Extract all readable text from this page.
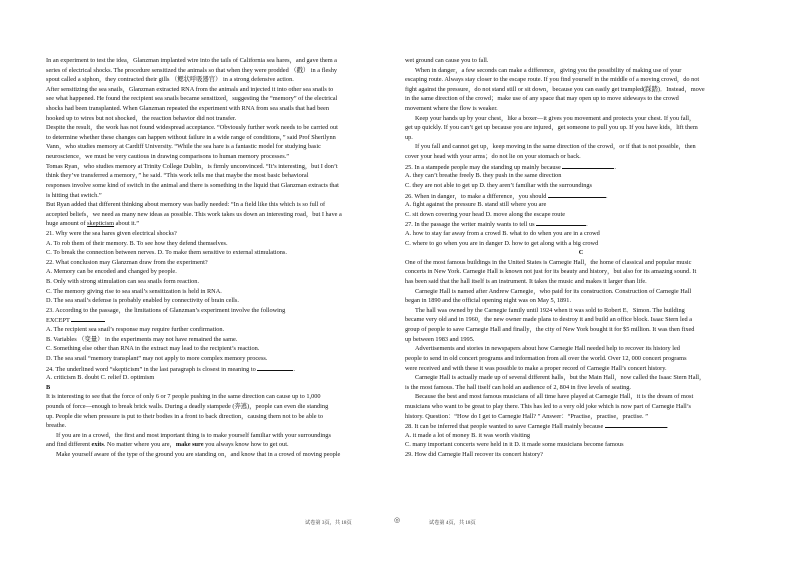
In an experiment to test the idea，Glanzman implanted wire into the tails of California sea hares，and gave them a
series of electrical shocks. The procedure sensitized the animals so that when they were prodded （戳） in a fleshy
spout called a siphon，they contracted their gills （鳃状呼吸器官） in a strong defensive action.
After sensitizing the sea snails，Glanzman extracted RNA from the animals and injected it into other sea snails to
see what happened. He found the recipient sea snails became sensitized，suggesting the “memory” of the electrical
shocks had been transplanted. When Glanzman repeated the experiment with RNA from sea snails that had been
hooked up to wires but not shocked，the reaction behavior did not transfer.
Despite the result，the work has not found widespread acceptance. “Obviously further work needs to be carried out
to determine whether these changes can happen without failure in a wide range of conditions，” said Prof Sherilynn
Vann，who studies memory at Cardiff University. “While the sea hare is a fantastic model for studying basic
neuroscience，we must be very cautious in drawing comparisons to human memory processes.”
Tomas Ryan，who studies memory at Trinity College Dublin，is firmly unconvinced. “It’s interesting，but I don’t
think they’ve transferred a memory，” he said. “This work tells me that maybe the most basic behavioral
responses involve some kind of switch in the animal and there is something in the liquid that Glanzman extracts that
is hitting that switch.”
But Ryan added that different thinking about memory was badly needed: “In a field like this which is so full of
accepted beliefs，we need as many new ideas as possible. This work takes us down an interesting road，but I have a
huge amount of skepticism about it.”
21. Why were the sea hares given electrical shocks?
A. To rob them of their memory. B. To see how they defend themselves.
C. To break the connection between nerves. D. To make them sensitive to external stimulations.
22. What conclusion may Glanzman draw from the experiment?
A. Memory can be encoded and changed by people.
B. Only with strong stimulation can sea snails form reaction.
C. The memory giving rise to sea snail’s sensitization is held in RNA.
D. The sea snail’s defense is probably enabled by connectivity of brain cells.
23. According to the passage，the limitations of Glanzman’s experiment involve the following
EXCEPT
A. The recipient sea snail’s response may require further confirmation.
B. Variables （变量） in the experiments may not have remained the same.
C. Something else other than RNA in the extract may lead to the recipient’s reaction.
D. The sea snail “memory transplant” may not apply to more complex memory process.
24. The underlined word “skepticism” in the last paragraph is closest in meaning to	.
A. criticism B. doubt C. relief D. optimism
B
It is interesting to see that the force of only 6 or 7 people pushing in the same direction can cause up to 1,000
pounds of force—enough to break brick walls. During a deadly stampede (奔逃)，people can even die standing
up. People die when pressure is put to their bodies in a front to back direction，causing them not to be able to
breathe.
If you are in a crowd，the first and most important thing is to make yourself familiar with your surroundings
and find different exits. No matter where you are，make sure you always know how to get out.
Make yourself aware of the type of the ground you are standing on，and know that in a crowd of moving people
wet ground can cause you to fall.
When in danger，a few seconds can make a difference，giving you the possibility of making use of your
escaping route. Always stay closer to the escape route. If you find yourself in the middle of a moving crowd，do not
fight against the pressure，do not stand still or sit down，because you can easily get trampled(踩踏)．Instead，move
in the same direction of the crowd；make use of any space that may open up to move sideways to the crowd
movement where the flow is weaker.
Keep your hands up by your chest，like a boxer—it gives you movement and protects your chest. If you fall，
get up quickly. If you can’t get up because you are injured，get someone to pull you up. If you have kids，lift them
up.
If you fall and cannot get up，keep moving in the same direction of the crowd，or if that is not possible，then
cover your head with your arms；do not lie on your stomach or back.
25. In a stampede people may die standing up mainly because	.
A. they can’t breathe freely B. they push in the same direction
C. they are not able to get up D. they aren’t familiar with the surroundings
26. When in danger，to make a difference，you should	.
A. fight against the pressure B. stand still where you are
C. sit down covering your head D. move along the escape route
27. In the passage the writer mainly wants to tell us	.
A. how to stay far away from a crowd B. what to do when you are in a crowd
C. where to go when you are in danger D. how to get along with a big crowd
C
One of the most famous buildings in the United States is Carnegie Hall，the home of classical and popular music
concerts in New York. Carnegie Hall is known not just for its beauty and history，but also for its amazing sound. It
has been said that the hall itself is an instrument. It takes the music and makes it larger than life.
Carnegie Hall is named after Andrew Carnegie，who paid for its construction. Construction of Carnegie Hall
began in 1890 and the official opening night was on May 5, 1891.
The hall was owned by the Carnegie family until 1924 when it was sold to Robert E．Simon. The building
became very old and in 1960，the new owner made plans to destroy it and build an office block. Isaac Stern led a
group of people to save Carnegie Hall and finally，the city of New York bought it for $5 million. It was then fixed
up between 1983 and 1995.
Advertisements and stories in newspapers about how Carnegie Hall needed help to recover its history led
people to send in old concert programs and information from all over the world. Over 12, 000 concert programs
were received and with these it was possible to make a proper record of Carnegie Hall’s concert history.
Carnegie Hall is actually made up of several different halls，but the Main Hall，now called the Isaac Stern Hall，
is the most famous. The hall itself can hold an audience of 2, 804 in five levels of seating.
Because the best and most famous musicians of all time have played at Carnegie Hall，it is the dream of most
musicians who want to be great to play there. This has led to a very old joke which is now part of Carnegie Hall’s
history. Question：“How do I get to Carnegie Hall? ” Answer：“Practise，practise，practise. ”
28. It can be inferred that people wanted to save Carnegie Hall mainly because	.
A. it made a lot of money B. it was worth visiting
C. many important concerts were held in it D. it made some musicians become famous
29. How did Carnegie Hall recover its concert history?
试卷第 3页，共 18页	◎	试卷第 4页，共 18页
